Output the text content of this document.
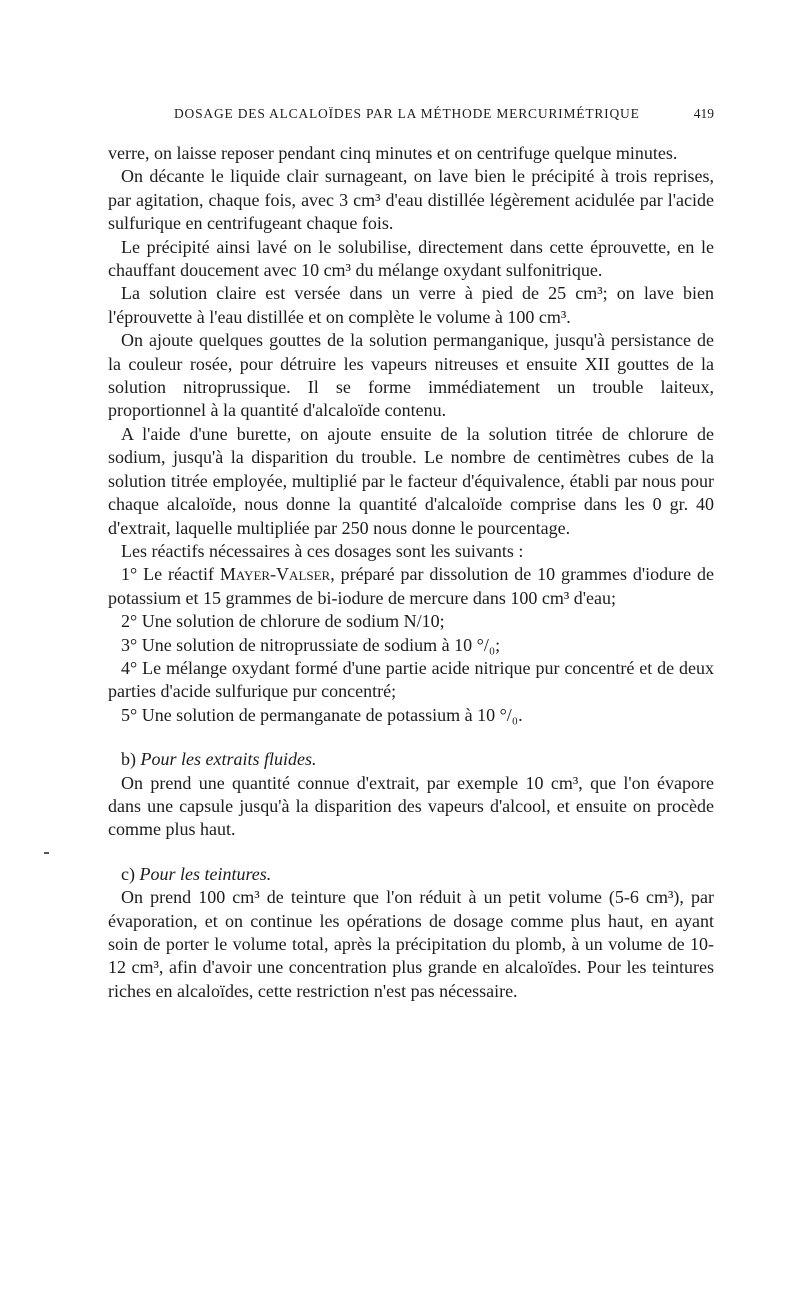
DOSAGE DES ALCALOÏDES PAR LA MÉTHODE MERCURIMÉTRIQUE	419

verre, on laisse reposer pendant cinq minutes et on centrifuge quelque minutes.

On décante le liquide clair surnageant, on lave bien le précipité à trois reprises, par agitation, chaque fois, avec 3 cm³ d'eau distillée légèrement acidulée par l'acide sulfurique en centrifugeant chaque fois.

Le précipité ainsi lavé on le solubilise, directement dans cette éprouvette, en le chauffant doucement avec 10 cm³ du mélange oxydant sulfonitrique.

La solution claire est versée dans un verre à pied de 25 cm³; on lave bien l'éprouvette à l'eau distillée et on complète le volume à 100 cm³.

On ajoute quelques gouttes de la solution permanganique, jusqu'à persistance de la couleur rosée, pour détruire les vapeurs nitreuses et ensuite XII gouttes de la solution nitroprussique. Il se forme immédiatement un trouble laiteux, proportionnel à la quantité d'alcaloïde contenu.

A l'aide d'une burette, on ajoute ensuite de la solution titrée de chlorure de sodium, jusqu'à la disparition du trouble. Le nombre de centimètres cubes de la solution titrée employée, multiplié par le facteur d'équivalence, établi par nous pour chaque alcaloïde, nous donne la quantité d'alcaloïde comprise dans les 0 gr. 40 d'extrait, laquelle multipliée par 250 nous donne le pourcentage.

Les réactifs nécessaires à ces dosages sont les suivants :

1° Le réactif Mayer-Valser, préparé par dissolution de 10 grammes d'iodure de potassium et 15 grammes de bi-iodure de mercure dans 100 cm³ d'eau;

2° Une solution de chlorure de sodium N/10;

3° Une solution de nitroprussiate de sodium à 10 °/₀;

4° Le mélange oxydant formé d'une partie acide nitrique pur concentré et de deux parties d'acide sulfurique pur concentré;

5° Une solution de permanganate de potassium à 10 °/₀.

b) Pour les extraits fluides.

On prend une quantité connue d'extrait, par exemple 10 cm³, que l'on évapore dans une capsule jusqu'à la disparition des vapeurs d'alcool, et ensuite on procède comme plus haut.

c) Pour les teintures.

On prend 100 cm³ de teinture que l'on réduit à un petit volume (5-6 cm³), par évaporation, et on continue les opérations de dosage comme plus haut, en ayant soin de porter le volume total, après la précipitation du plomb, à un volume de 10-12 cm³, afin d'avoir une concentration plus grande en alcaloïdes. Pour les teintures riches en alcaloïdes, cette restriction n'est pas nécessaire.
